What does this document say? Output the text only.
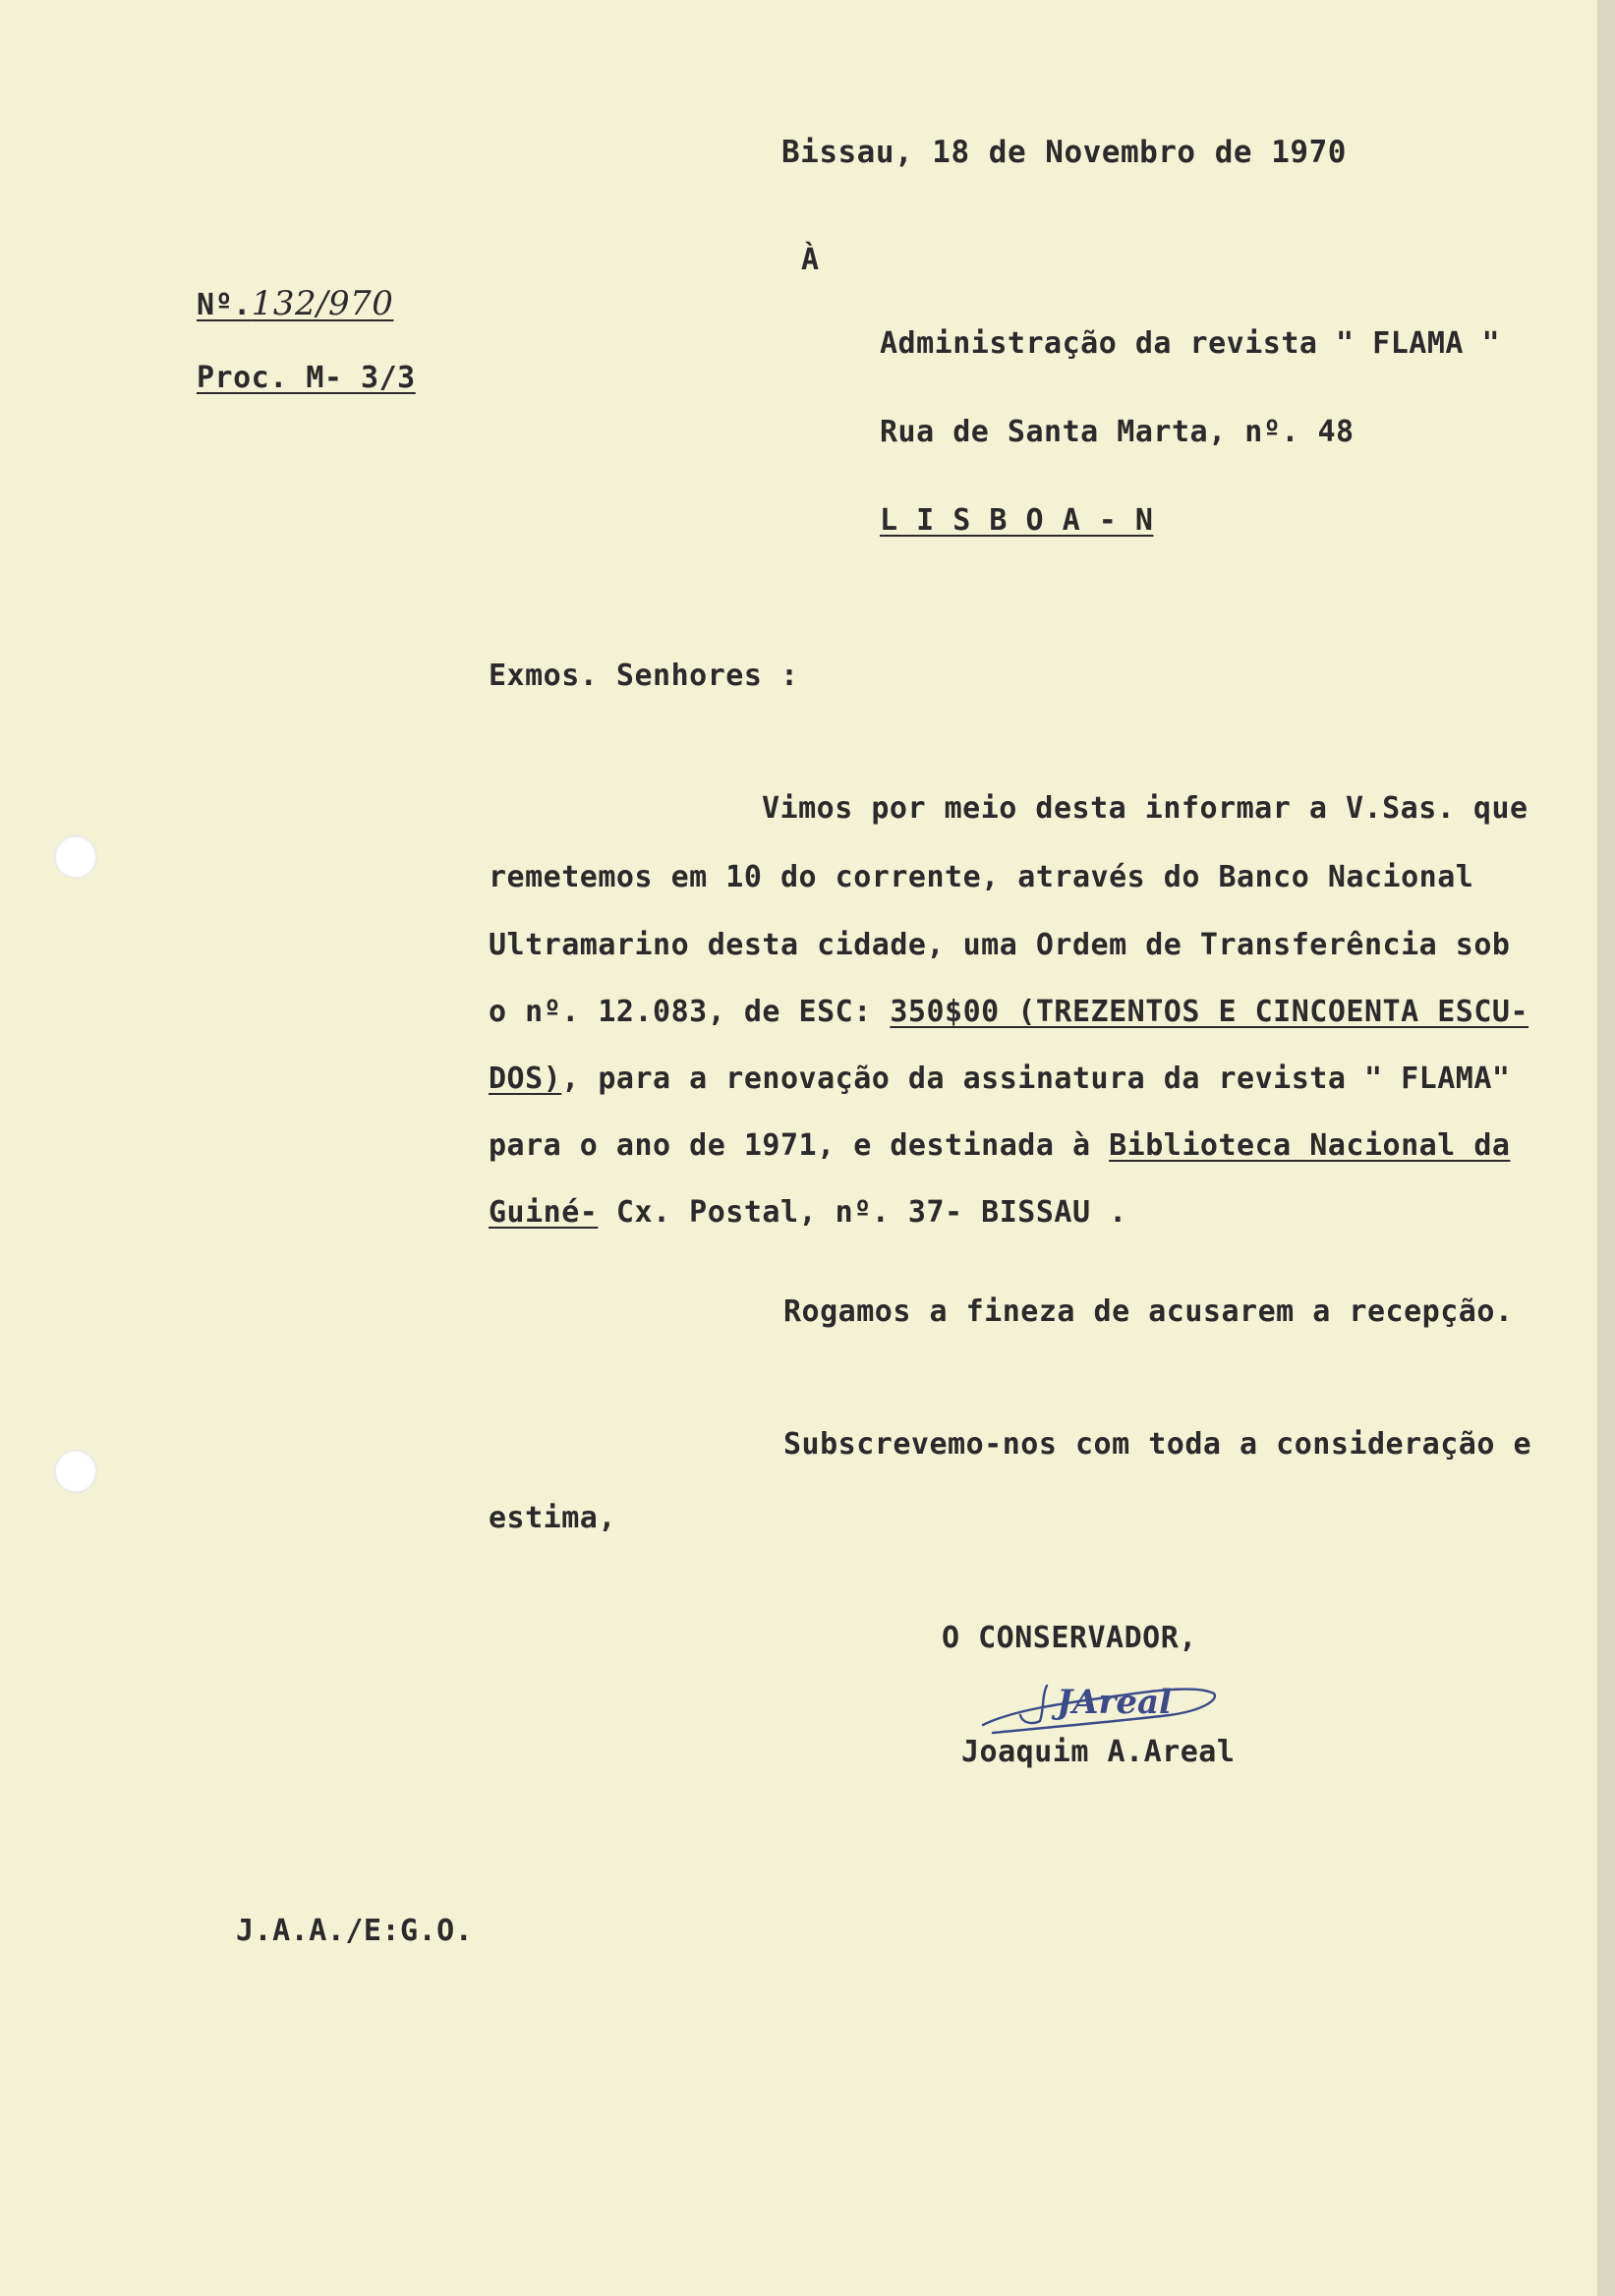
Bissau, 18 de Novembro de 1970
À
Nº.132/970
Proc. M- 3/3
Administração da revista " FLAMA "
Rua de Santa Marta, nº. 48
L I S B O A - N
Exmos. Senhores :
Vimos por meio desta informar a V.Sas. que
remetemos em 10 do corrente, através do Banco Nacional
Ultramarino desta cidade, uma Ordem de Transferência sob
o nº. 12.083, de ESC: 350$00 (TREZENTOS E CINCOENTA ESCU-
DOS), para a renovação da assinatura da revista " FLAMA"
para o ano de 1971, e destinada à Biblioteca Nacional da
Guiné- Cx. Postal, nº. 37- BISSAU .
Rogamos a fineza de acusarem a recepção.
Subscrevemo-nos com toda a consideração e
estima,
O CONSERVADOR,
JAreal
Joaquim A.Areal
J.A.A./E:G.O.
